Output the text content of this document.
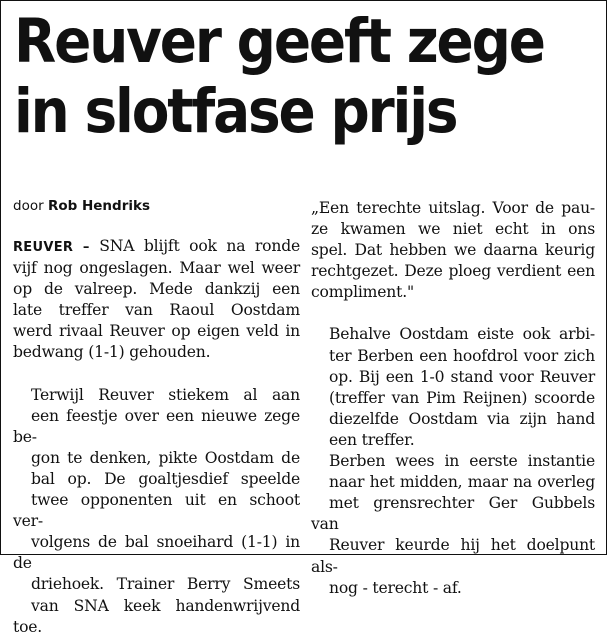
Reuver geeft zege
in slotfase prijs
door Rob Hendriks

REUVER – SNA blijft ook na ronde
vijf nog ongeslagen. Maar wel weer
op de valreep. Mede dankzij een
late treffer van Raoul Oostdam
werd rivaal Reuver op eigen veld in
bedwang (1-1) gehouden.

Terwijl Reuver stiekem al aan
een feestje over een nieuwe zege be-
gon te denken, pikte Oostdam de
bal op. De goaltjesdief speelde
twee opponenten uit en schoot ver-
volgens de bal snoeihard (1-1) in de
driehoek. Trainer Berry Smeets
van SNA keek handenwrijvend toe.

„Een terechte uitslag. Voor de pau-
ze kwamen we niet echt in ons
spel. Dat hebben we daarna keurig
rechtgezet. Deze ploeg verdient een
compliment."

Behalve Oostdam eiste ook arbi-
ter Berben een hoofdrol voor zich
op. Bij een 1-0 stand voor Reuver
(treffer van Pim Reijnen) scoorde
diezelfde Oostdam via zijn hand
een treffer.

Berben wees in eerste instantie
naar het midden, maar na overleg
met grensrechter Ger Gubbels van
Reuver keurde hij het doelpunt als-
nog - terecht - af.
